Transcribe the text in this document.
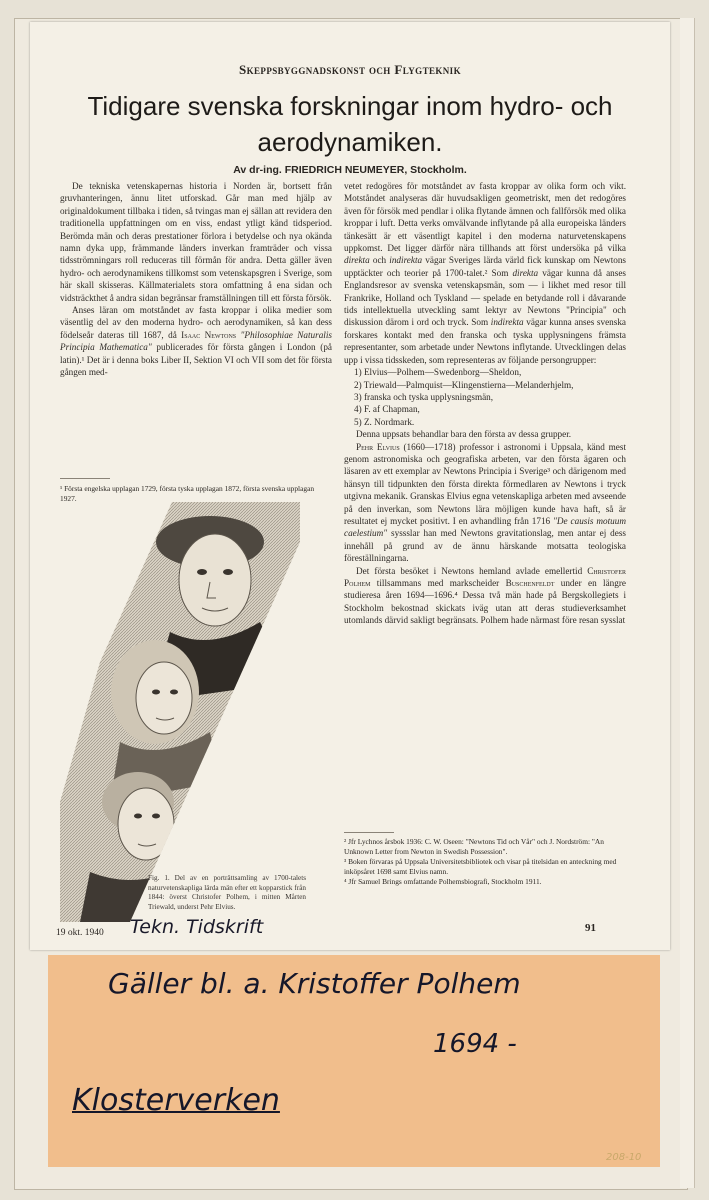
Skeppsbyggnadskonst och Flygteknik
Tidigare svenska forskningar inom hydro- och
aerodynamiken.
Av dr-ing. FRIEDRICH NEUMEYER, Stockholm.

De tekniska vetenskapernas historia i Norden är, bortsett från gruvhanteringen, ännu litet utforskad. Går man med hjälp av originaldokument tillbaka i tiden, så tvingas man ej sällan att revidera den traditionella uppfattningen om en viss, endast ytligt känd tidsperiod. Berömda män och deras prestationer förlora i betydelse och nya okända namn dyka upp, främmande länders inverkan framträder och vissa tidsströmningars roll reduceras till förmån för andra. Detta gäller även hydro- och aerodynamikens tillkomst som vetenskapsgren i Sverige, som här skall skisseras. Källmaterialets stora omfattning å ena sidan och vidsträckthet å andra sidan begränsar framställningen till ett första försök.

Anses läran om motståndet av fasta kroppar i olika medier som väsentlig del av den moderna hydro- och aerodynamiken, så kan dess födelseår dateras till 1687, då Isaac Newtons "Philosophiae Naturalis Principia Mathematica" publicerades för första gången i London (på latin).¹ Det är i denna boks Liber II, Sektion VI och VII som det för första gången med-

¹ Första engelska upplagan 1729, första tyska upplagan 1872, första svenska upplagan 1927.

Fig. 1. Del av en porträttsamling av 1700-talets naturvetenskapliga lärda män efter ett kopparstick från 1844: överst Christofer Polhem, i mitten Mårten Triewald, underst Pehr Elvius.

vetet redogöres för motståndet av fasta kroppar av olika form och vikt. Motståndet analyseras där huvudsakligen geometriskt, men det redogöres även för försök med pendlar i olika flytande ämnen och fallförsök med olika kroppar i luft. Detta verks omvälvande inflytande på alla europeiska länders tänkesätt är ett väsentligt kapitel i den moderna naturvetenskapens uppkomst. Det ligger därför nära tillhands att först undersöka på vilka direkta och indirekta vägar Sveriges lärda värld fick kunskap om Newtons upptäckter och teorier på 1700-talet.² Som direkta vägar kunna då anses Englandsresor av svenska vetenskapsmän, som — i likhet med resor till Frankrike, Holland och Tyskland — spelade en betydande roll i dåvarande tids intellektuella utveckling samt lektyr av Newtons "Principia" och diskussion därom i ord och tryck. Som indirekta vägar kunna anses svenska forskares kontakt med den franska och tyska upplysningens främsta representanter, som arbetade under Newtons inflytande. Utvecklingen delas upp i vissa tidsskeden, som representeras av följande persongrupper:

1) Elvius—Polhem—Swedenborg—Sheldon,

2) Triewald—Palmquist—Klingenstierna—Melanderhjelm,

3) franska och tyska upplysningsmän,

4) F. af Chapman,

5) Z. Nordmark.

Denna uppsats behandlar bara den första av dessa grupper.

Pehr Elvius (1660—1718) professor i astronomi i Uppsala, känd mest genom astronomiska och geografiska arbeten, var den första ägaren och läsaren av ett exemplar av Newtons Principia i Sverige³ och därigenom med hänsyn till tidpunkten den första direkta förmedlaren av Newtons i tryck utgivna mekanik. Granskas Elvius egna vetenskapliga arbeten med avseende på den inverkan, som Newtons lära möjligen kunde hava haft, så är resultatet ej mycket positivt. I en avhandling från 1716 "De causis motuum caelestium" syssslar han med Newtons gravitationslag, men antar ej dess innehåll på grund av de ännu härskande motsatta teologiska föreställningarna.

Det första besöket i Newtons hemland avlade emellertid Christofer Polhem tillsammans med markscheider Buschenfeldt under en längre studieresa åren 1694—1696.⁴ Dessa två män hade på Bergskollegiets i Stockholm bekostnad skickats iväg utan att deras studieverksamhet utomlands därvid sakligt begränsats. Polhem hade närmast före resan sysslat

² Jfr Lychnos årsbok 1936: C. W. Oseen: "Newtons Tid och Vår" och J. Nordström: "An Unknown Letter from Newton in Swedish Possession".

³ Boken förvaras på Uppsala Universitetsbibliotek och visar på titelsidan en anteckning med inköpsåret 1698 samt Elvius namn.

⁴ Jfr Samuel Brings omfattande Polhemsbiografi, Stockholm 1911.

19 okt. 1940 Tekn. Tidskrift	91
Gäller bl. a. Kristoffer Polhem
1694 -
Klosterverken
208-10
